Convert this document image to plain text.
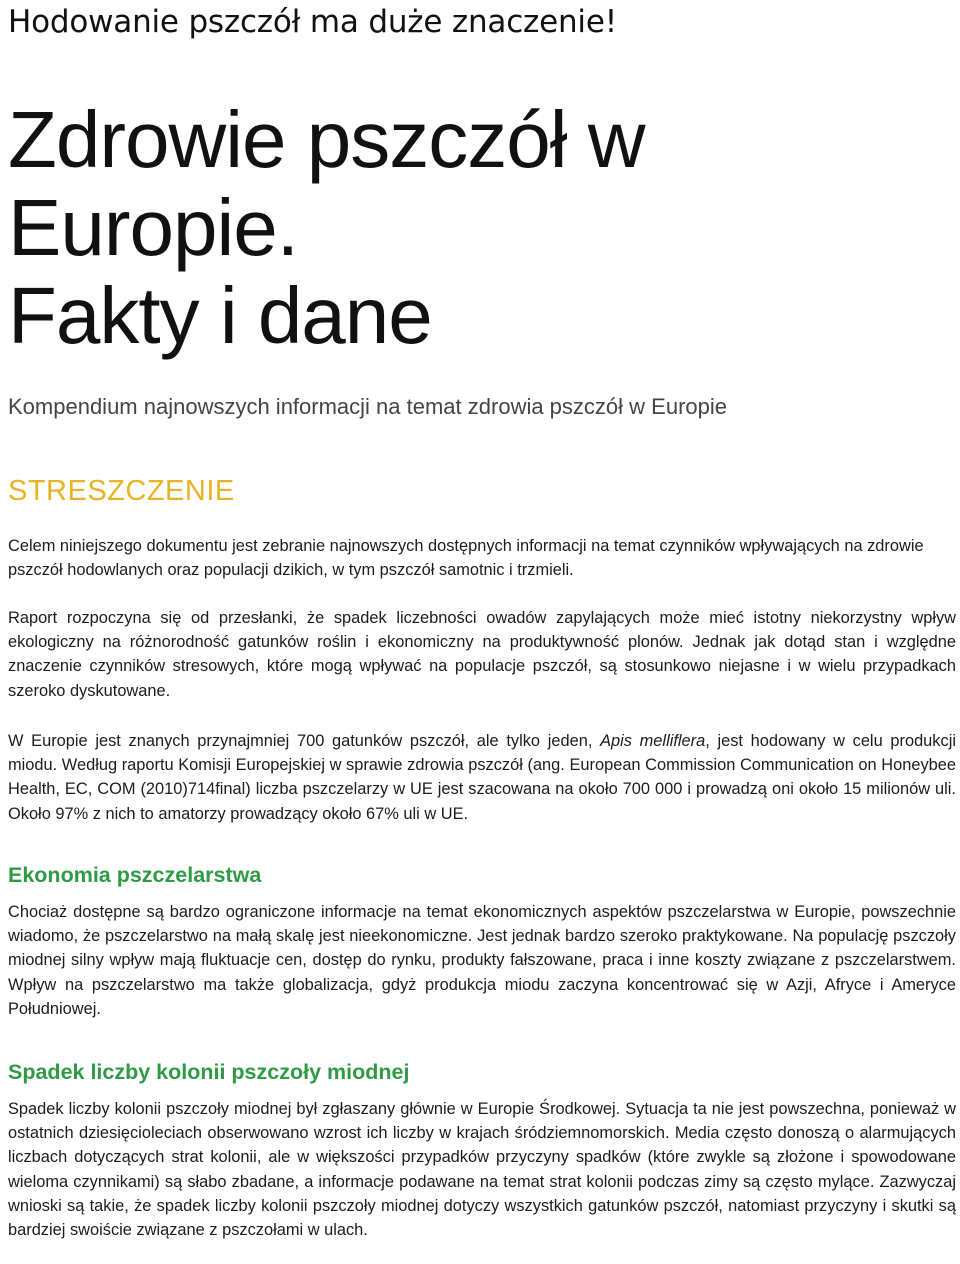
Hodowanie pszczół ma duże znaczenie!
Zdrowie pszczół w
Europie.
Fakty i dane
Kompendium najnowszych informacji na temat zdrowia pszczół w Europie
STRESZCZENIE

Celem niniejszego dokumentu jest zebranie najnowszych dostępnych informacji na temat czynników wpływających na zdrowie pszczół hodowlanych oraz populacji dzikich, w tym pszczół samotnic i trzmieli.

Raport rozpoczyna się od przesłanki, że spadek liczebności owadów zapylających może mieć istotny niekorzystny wpływ ekologiczny na różnorodność gatunków roślin i ekonomiczny na produktywność plonów. Jednak jak dotąd stan i względne znaczenie czynników stresowych, które mogą wpływać na populacje pszczół, są stosunkowo niejasne i w wielu przypadkach szeroko dyskutowane.

W Europie jest znanych przynajmniej 700 gatunków pszczół, ale tylko jeden, Apis melliflera, jest hodowany w celu produkcji miodu. Według raportu Komisji Europejskiej w sprawie zdrowia pszczół (ang. European Commission Communication on Honeybee Health, EC, COM (2010)714final) liczba pszczelarzy w UE jest szacowana na około 700 000 i prowadzą oni około 15 milionów uli. Około 97% z nich to amatorzy prowadzący około 67% uli w UE.

Ekonomia pszczelarstwa

Chociaż dostępne są bardzo ograniczone informacje na temat ekonomicznych aspektów pszczelarstwa w Europie, powszechnie wiadomo, że pszczelarstwo na małą skalę jest nieekonomiczne. Jest jednak bardzo szeroko praktykowane. Na populację pszczoły miodnej silny wpływ mają fluktuacje cen, dostęp do rynku, produkty fałszowane, praca i inne koszty związane z pszczelarstwem. Wpływ na pszczelarstwo ma także globalizacja, gdyż produkcja miodu zaczyna koncentrować się w Azji, Afryce i Ameryce Południowej.

Spadek liczby kolonii pszczoły miodnej

Spadek liczby kolonii pszczoły miodnej był zgłaszany głównie w Europie Środkowej. Sytuacja ta nie jest powszechna, ponieważ w ostatnich dziesięcioleciach obserwowano wzrost ich liczby w krajach śródziemnomorskich. Media często donoszą o alarmujących liczbach dotyczących strat kolonii, ale w większości przypadków przyczyny spadków (które zwykle są złożone i spowodowane wieloma czynnikami) są słabo zbadane, a informacje podawane na temat strat kolonii podczas zimy są często mylące. Zazwyczaj wnioski są takie, że spadek liczby kolonii pszczoły miodnej dotyczy wszystkich gatunków pszczół, natomiast przyczyny i skutki są bardziej swoiście związane z pszczołami w ulach.
